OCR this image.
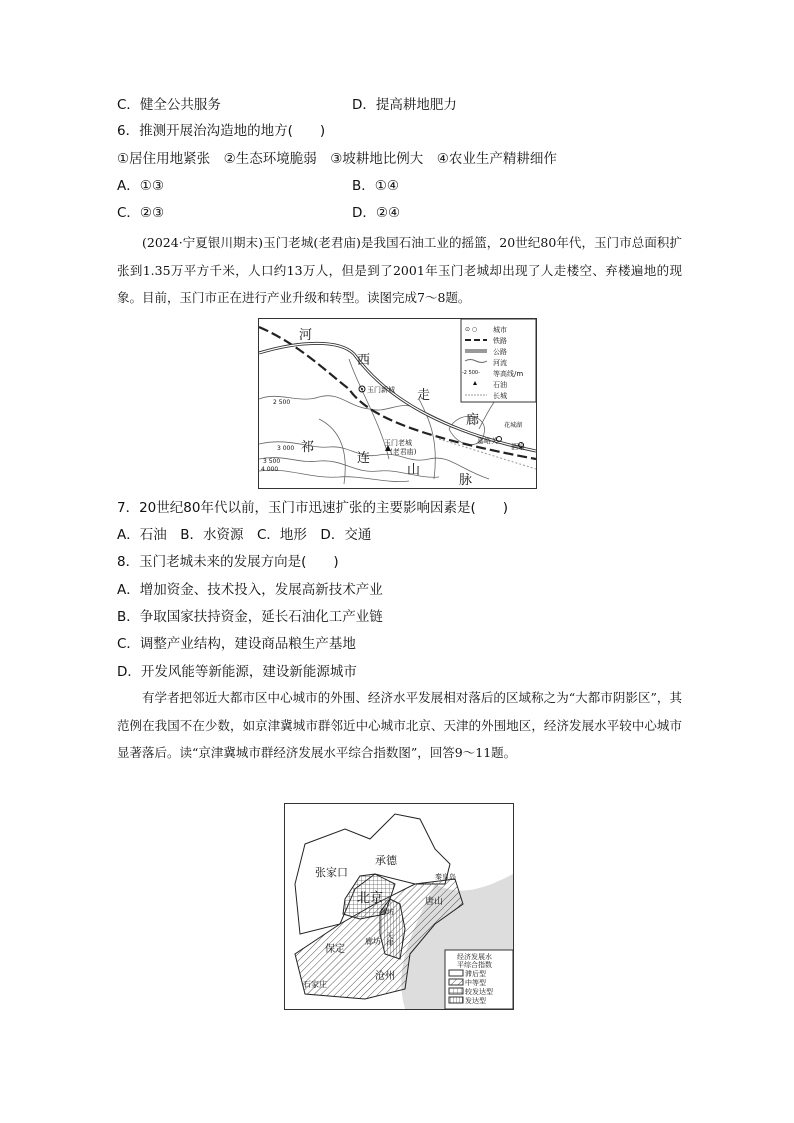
C．健全公共服务	D．提高耕地肥力
6．推测开展治沟造地的地方(　　)
①居住用地紧张　②生态环境脆弱　③坡耕地比例大　④农业生产精耕细作
A．①③	B．①④
C．②③	D．②④
(2024·宁夏银川期末)玉门老城(老君庙)是我国石油工业的摇篮，20世纪80年代，玉门市总面积扩张到1.35万平方千米，人口约13万人，但是到了2001年玉门老城却出现了人走楼空、弃楼遍地的现象。目前，玉门市正在进行产业升级和转型。读图完成7～8题。
河
西
走
廊
祁
连
山
脉
玉门新城
玉门老城
(老君庙)
嘉峪关
酒泉
花城湖
2 500
3 000
3 500
4 000
⊙ ○
-2 500-
城市
铁路
公路
河流
等高线/m
石油
长城
7．20世纪80年代以前，玉门市迅速扩张的主要影响因素是(　　)
A．石油　B．水资源　C．地形　D．交通
8．玉门老城未来的发展方向是(　　)
A．增加资金、技术投入，发展高新技术产业
B．争取国家扶持资金，延长石油化工产业链
C．调整产业结构，建设商品粮生产基地
D．开发风能等新能源，建设新能源城市
有学者把邻近大都市区中心城市的外围、经济水平发展相对落后的区域称之为“大都市阴影区”，其范例在我国不在少数，如京津冀城市群邻近中心城市北京、天津的外围地区，经济发展水平较中心城市显著落后。读“京津冀城市群经济发展水平综合指数图”，回答9～11题。
承德
张家口
北京
天津
廊坊
廊坊
唐山
秦皇岛
保定
沧州
石家庄
经济发展水
平综合指数
滞后型
中等型
较发达型
发达型
